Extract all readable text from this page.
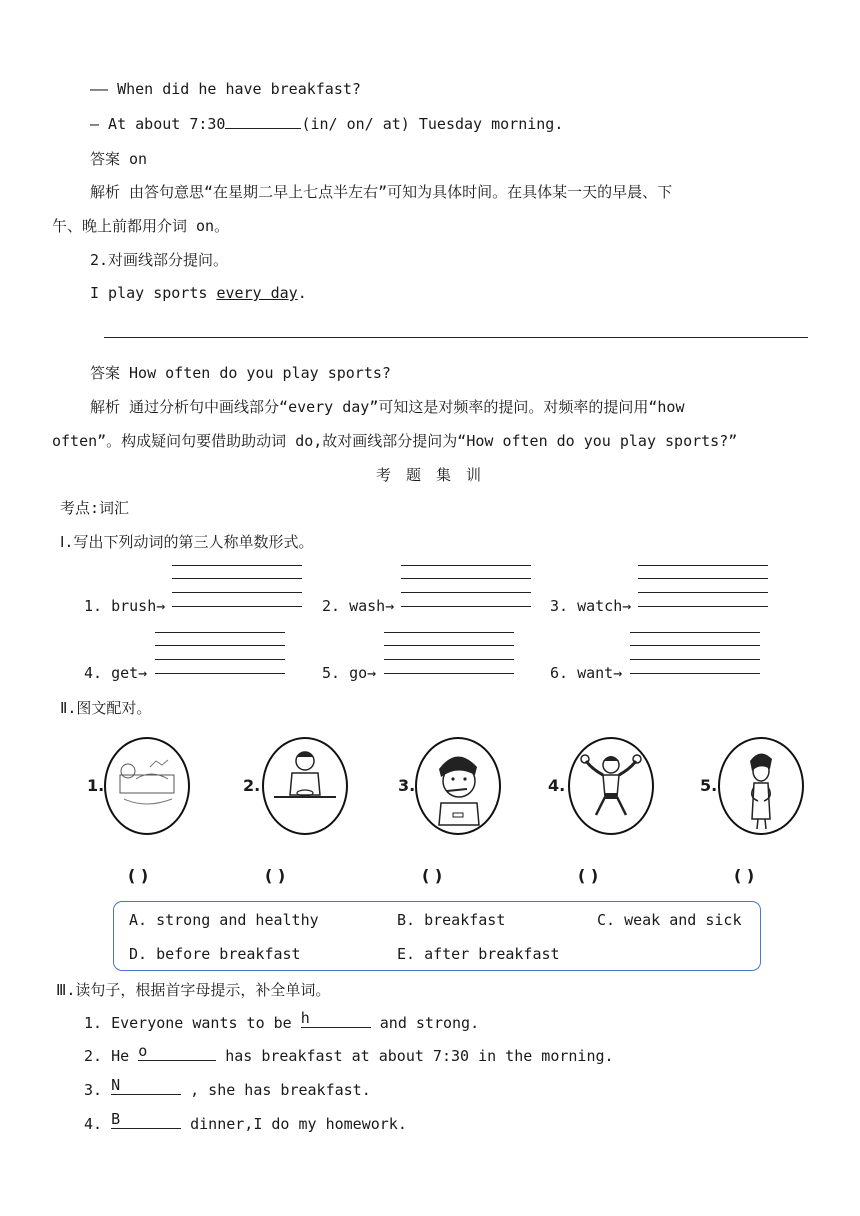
—— When did he have breakfast?
— At about 7:30	(in/ on/ at) Tuesday morning.
答案 on
解析 由答句意思“在星期二早上七点半左右”可知为具体时间。在具体某一天的早晨、下
午、晚上前都用介词 on。
2.对画线部分提问。
I play sports every day.
答案 How often do you play sports?
解析 通过分析句中画线部分“every day”可知这是对频率的提问。对频率的提问用“how
often”。构成疑问句要借助助动词 do,故对画线部分提问为“How often do you play sports?”
考 题 集 训
考点:词汇
Ⅰ.写出下列动词的第三人称单数形式。
1. brush→	2. wash→	3. watch→
4. get→	5. go→	6. want→
Ⅱ.图文配对。
1.
( )
2.
( )
3.
( )
4.
( )
5.
( )
A. strong and healthy	B. breakfast	C. weak and sick
D. before breakfast	E. after breakfast
Ⅲ.读句子，根据首字母提示，补全单词。
1. Everyone wants to be h	and strong.
2. He o	has breakfast at about 7:30 in the morning.
3. N	, she has breakfast.
4. B	dinner,I do my homework.
